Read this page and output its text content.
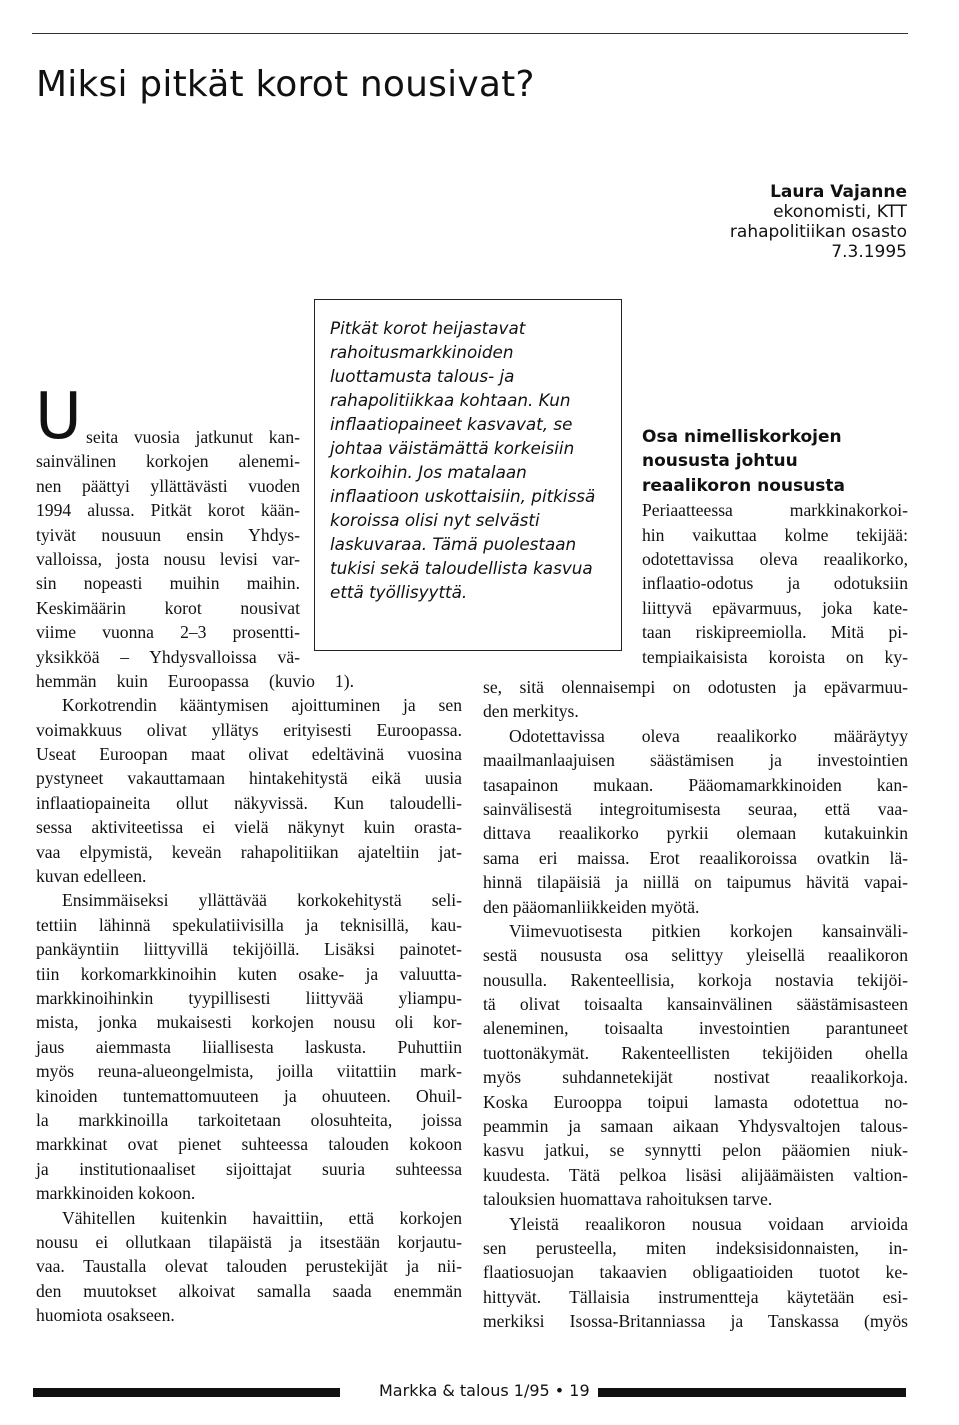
Miksi pitkät korot nousivat?
Laura Vajanne
ekonomisti, KTT
rahapolitiikan osasto
7.3.1995
Pitkät korot heijastavat
rahoitusmarkkinoiden
luottamusta talous- ja
rahapolitiikkaa kohtaan. Kun
inflaatiopaineet kasvavat, se
johtaa väistämättä korkeisiin
korkoihin. Jos matalaan
inflaatioon uskottaisiin, pitkissä
koroissa olisi nyt selvästi
laskuvaraa. Tämä puolestaan
tukisi sekä taloudellista kasvua
että työllisyyttä.
U seita vuosia jatkunut kan-
sainvälinen korkojen alenemi-
nen päättyi yllättävästi vuoden
1994 alussa. Pitkät korot kään-
tyivät nousuun ensin Yhdys-
valloissa, josta nousu levisi var-
sin nopeasti muihin maihin.
Keskimäärin korot nousivat
viime vuonna 2–3 prosentti-
yksikköä – Yhdysvalloissa vä-
hemmän kuin Euroopassa (kuvio 1).
Korkotrendin kääntymisen ajoittuminen ja sen
voimakkuus olivat yllätys erityisesti Euroopassa.
Useat Euroopan maat olivat edeltävinä vuosina
pystyneet vakauttamaan hintakehitystä eikä uusia
inflaatiopaineita ollut näkyvissä. Kun taloudelli-
sessa aktiviteetissa ei vielä näkynyt kuin orasta-
vaa elpymistä, keveän rahapolitiikan ajateltiin jat-
kuvan edelleen.
Ensimmäiseksi yllättävää korkokehitystä seli-
tettiin lähinnä spekulatiivisilla ja teknisillä, kau-
pankäyntiin liittyvillä tekijöillä. Lisäksi painotet-
tiin korkomarkkinoihin kuten osake- ja valuutta-
markkinoihinkin tyypillisesti liittyvää yliampu-
mista, jonka mukaisesti korkojen nousu oli kor-
jaus aiemmasta liiallisesta laskusta. Puhuttiin
myös reuna-alueongelmista, joilla viitattiin mark-
kinoiden tuntemattomuuteen ja ohuuteen. Ohuil-
la markkinoilla tarkoitetaan olosuhteita, joissa
markkinat ovat pienet suhteessa talouden kokoon
ja institutionaaliset sijoittajat suuria suhteessa
markkinoiden kokoon.
Vähitellen kuitenkin havaittiin, että korkojen
nousu ei ollutkaan tilapäistä ja itsestään korjautu-
vaa. Taustalla olevat talouden perustekijät ja nii-
den muutokset alkoivat samalla saada enemmän
huomiota osakseen.
Osa nimelliskorkojen
noususta johtuu
reaalikoron noususta
Periaatteessa markkinakorkoi-
hin vaikuttaa kolme tekijää:
odotettavissa oleva reaalikorko,
inflaatio-odotus ja odotuksiin
liittyvä epävarmuus, joka kate-
taan riskipreemiolla. Mitä pi-
tempiaikaisista koroista on ky-
se, sitä olennaisempi on odotusten ja epävarmuu-
den merkitys.
Odotettavissa oleva reaalikorko määräytyy
maailmanlaajuisen säästämisen ja investointien
tasapainon mukaan. Pääomamarkkinoiden kan-
sainvälisestä integroitumisesta seuraa, että vaa-
dittava reaalikorko pyrkii olemaan kutakuinkin
sama eri maissa. Erot reaalikoroissa ovatkin lä-
hinnä tilapäisiä ja niillä on taipumus hävitä vapai-
den pääomanliikkeiden myötä.
Viimevuotisesta pitkien korkojen kansainväli-
sestä noususta osa selittyy yleisellä reaalikoron
nousulla. Rakenteellisia, korkoja nostavia tekijöi-
tä olivat toisaalta kansainvälinen säästämisasteen
aleneminen, toisaalta investointien parantuneet
tuottonäkymät. Rakenteellisten tekijöiden ohella
myös suhdannetekijät nostivat reaalikorkoja.
Koska Eurooppa toipui lamasta odotettua no-
peammin ja samaan aikaan Yhdysvaltojen talous-
kasvu jatkui, se synnytti pelon pääomien niuk-
kuudesta. Tätä pelkoa lisäsi alijäämäisten valtion-
talouksien huomattava rahoituksen tarve.
Yleistä reaalikoron nousua voidaan arvioida
sen perusteella, miten indeksisidonnaisten, in-
flaatiosuojan takaavien obligaatioiden tuotot ke-
hittyvät. Tällaisia instrumentteja käytetään esi-
merkiksi Isossa-Britanniassa ja Tanskassa (myös
Markka & talous 1/95 • 19
